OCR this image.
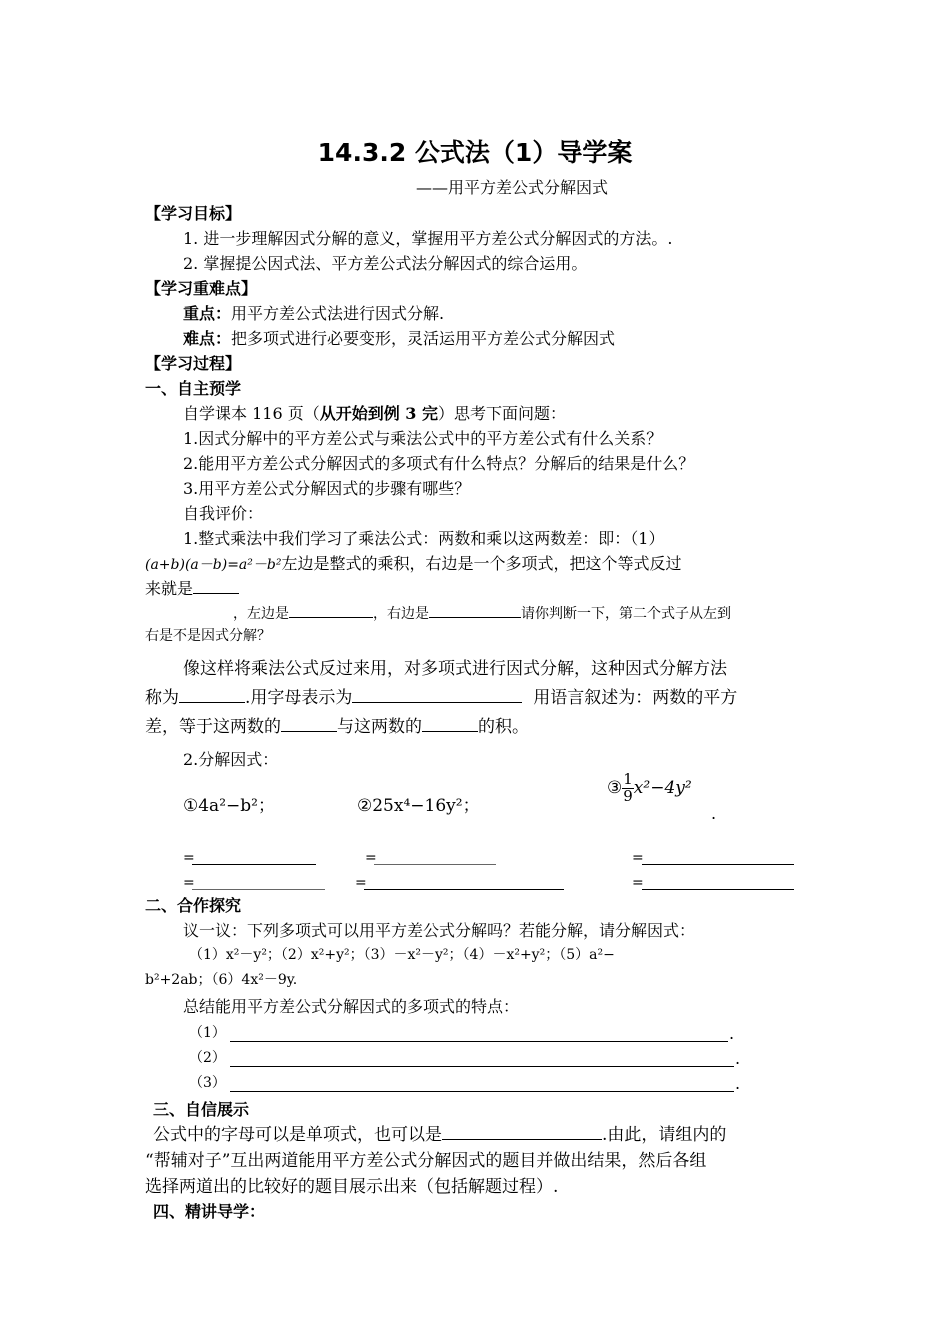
14.3.2 公式法（1）导学案
——用平方差公式分解因式
【学习目标】
1. 进一步理解因式分解的意义，掌握用平方差公式分解因式的方法。.
2. 掌握提公因式法、平方差公式法分解因式的综合运用。
【学习重难点】
重点：用平方差公式法进行因式分解.
难点：把多项式进行必要变形，灵活运用平方差公式分解因式
【学习过程】
一、自主预学
自学课本 116 页（从开始到例 3 完）思考下面问题：
1.因式分解中的平方差公式与乘法公式中的平方差公式有什么关系？
2.能用平方差公式分解因式的多项式有什么特点？分解后的结果是什么？
3.用平方差公式分解因式的步骤有哪些？
自我评价：
1.整式乘法中我们学习了乘法公式：两数和乘以这两数差：即：（1）
(a+b)(a－b)=a²－b²左边是整式的乘积，右边是一个多项式，把这个等式反过
来就是
，左边是	，右边是	请你判断一下，第二个式子从左到
右是不是因式分解？
像这样将乘法公式反过来用，对多项式进行因式分解，这种因式分解方法
称为	.用字母表示为	用语言叙述为：两数的平方
差，等于这两数的	与这两数的	的积。
2.分解因式：
①4a²−b²；	②25x⁴−16y²；
③ $\frac{1}{9} x^2-4y^2$
.
=	=	=
=	=	=
二、合作探究
议一议：下列多项式可以用平方差公式分解吗？若能分解，请分解因式：
（1）x²－y²；（2）x²+y²；（3）－x²－y²；（4）－x²+y²；（5）a²−
b²+2ab；（6）4x²－9y.
总结能用平方差公式分解因式的多项式的特点：
（1）	.
（2）	.
（3）	.
三、自信展示
公式中的字母可以是单项式，也可以是	.由此，请组内的
“帮辅对子”互出两道能用平方差公式分解因式的题目并做出结果，然后各组
选择两道出的比较好的题目展示出来（包括解题过程）.
四、精讲导学：
